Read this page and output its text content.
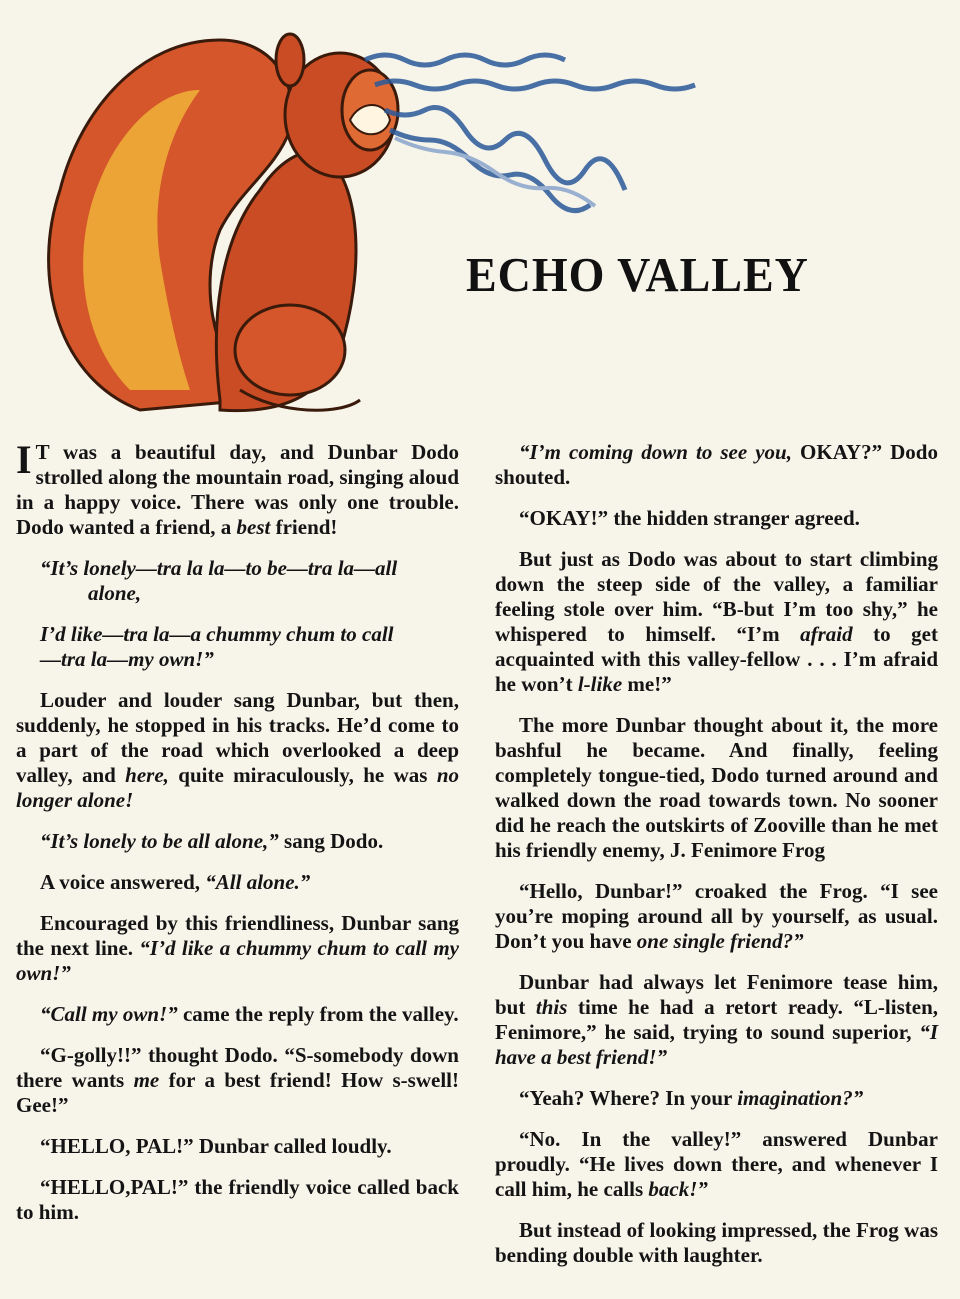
ECHO VALLEY

I T was a beautiful day, and Dunbar Dodo strolled along the mountain road, singing aloud in a happy voice. There was only one trouble. Dodo wanted a friend, a best friend!

“It’s lonely—tra la la—to be—tra la—all
alone,

I’d like—tra la—a chummy chum to call
—tra la—my own!”

Louder and louder sang Dunbar, but then, suddenly, he stopped in his tracks. He’d come to a part of the road which overlooked a deep valley, and here, quite miraculously, he was no longer alone!

“It’s lonely to be all alone,” sang Dodo.

A voice answered, “All alone.”

Encouraged by this friendliness, Dunbar sang the next line. “I’d like a chummy chum to call my own!”

“Call my own!” came the reply from the valley.

“G-golly!!” thought Dodo. “S-somebody down there wants me for a best friend! How s-swell! Gee!”

“HELLO, PAL!” Dunbar called loudly.

“HELLO,PAL!” the friendly voice called back to him.

“I’m coming down to see you, OKAY?” Dodo shouted.

“OKAY!” the hidden stranger agreed.

But just as Dodo was about to start climbing down the steep side of the valley, a familiar feeling stole over him. “B-but I’m too shy,” he whispered to himself. “I’m afraid to get acquainted with this valley-fellow . . . I’m afraid he won’t l-like me!”

The more Dunbar thought about it, the more bashful he became. And finally, feeling completely tongue-tied, Dodo turned around and walked down the road towards town. No sooner did he reach the outskirts of Zooville than he met his friendly enemy, J. Fenimore Frog

“Hello, Dunbar!” croaked the Frog. “I see you’re moping around all by yourself, as usual. Don’t you have one single friend?”

Dunbar had always let Fenimore tease him, but this time he had a retort ready. “L-listen, Fenimore,” he said, trying to sound superior, “I have a best friend!”

“Yeah? Where? In your imagination?”

“No. In the valley!” answered Dunbar proudly. “He lives down there, and whenever I call him, he calls back!”

But instead of looking impressed, the Frog was bending double with laughter.
